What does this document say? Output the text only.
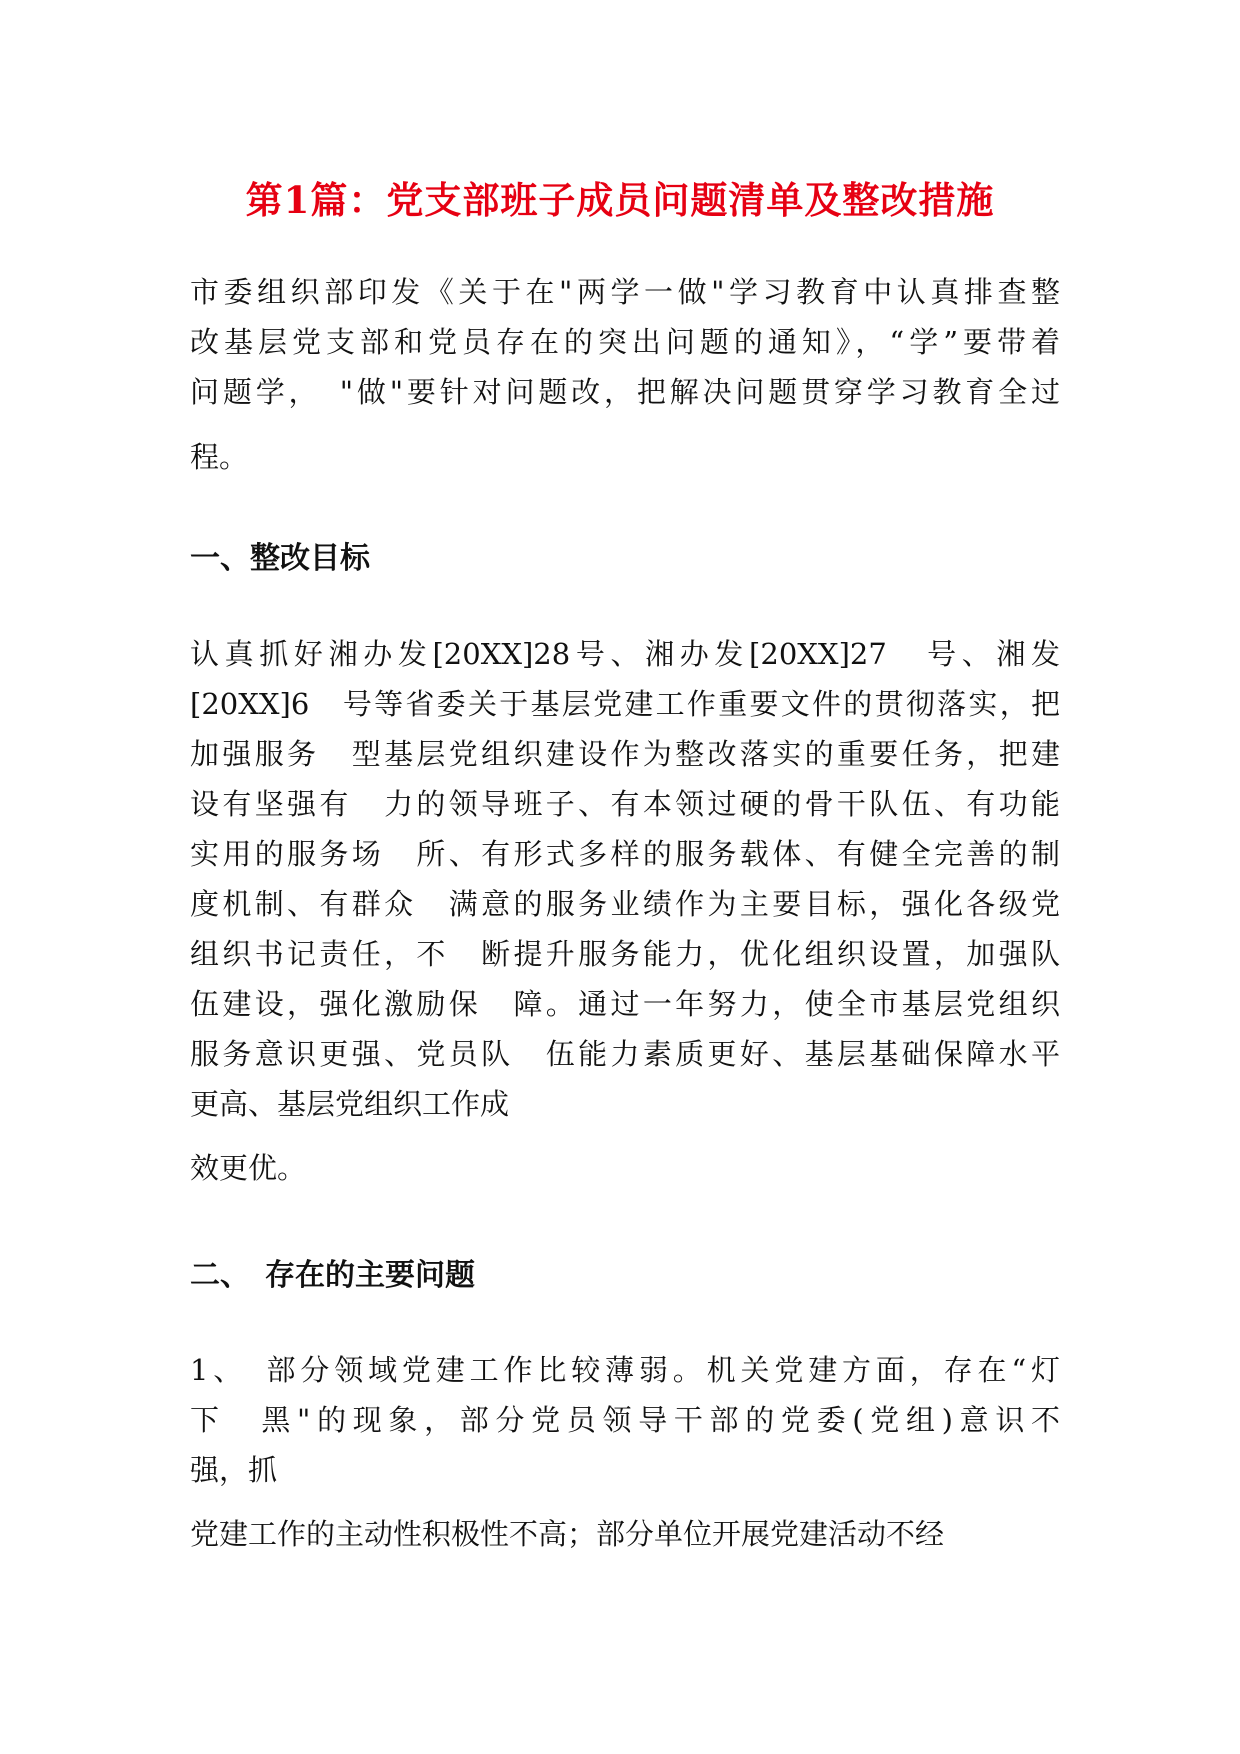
第1篇：党支部班子成员问题清单及整改措施
市委组织部印发《关于在"两学一做"学习教育中认真排查整
改基层党支部和党员存在的突出问题的通知》，“学”要带着
问题学，　"做"要针对问题改，把解决问题贯穿学习教育全过
程。
一、整改目标
认真抓好湘办发[20XX]28号、湘办发[20XX]27　号、湘发
[20XX]6　号等省委关于基层党建工作重要文件的贯彻落实，把
加强服务　型基层党组织建设作为整改落实的重要任务，把建
设有坚强有　力的领导班子、有本领过硬的骨干队伍、有功能
实用的服务场　所、有形式多样的服务载体、有健全完善的制
度机制、有群众　满意的服务业绩作为主要目标，强化各级党
组织书记责任，不　断提升服务能力，优化组织设置，加强队
伍建设，强化激励保　障。通过一年努力，使全市基层党组织
服务意识更强、党员队　伍能力素质更好、基层基础保障水平
更高、基层党组织工作成
效更优。
二、　存在的主要问题
1、　部分领域党建工作比较薄弱。机关党建方面，存在“灯
下　黑"的现象，部分党员领导干部的党委(党组)意识不
强，抓
党建工作的主动性积极性不高；部分单位开展党建活动不经
